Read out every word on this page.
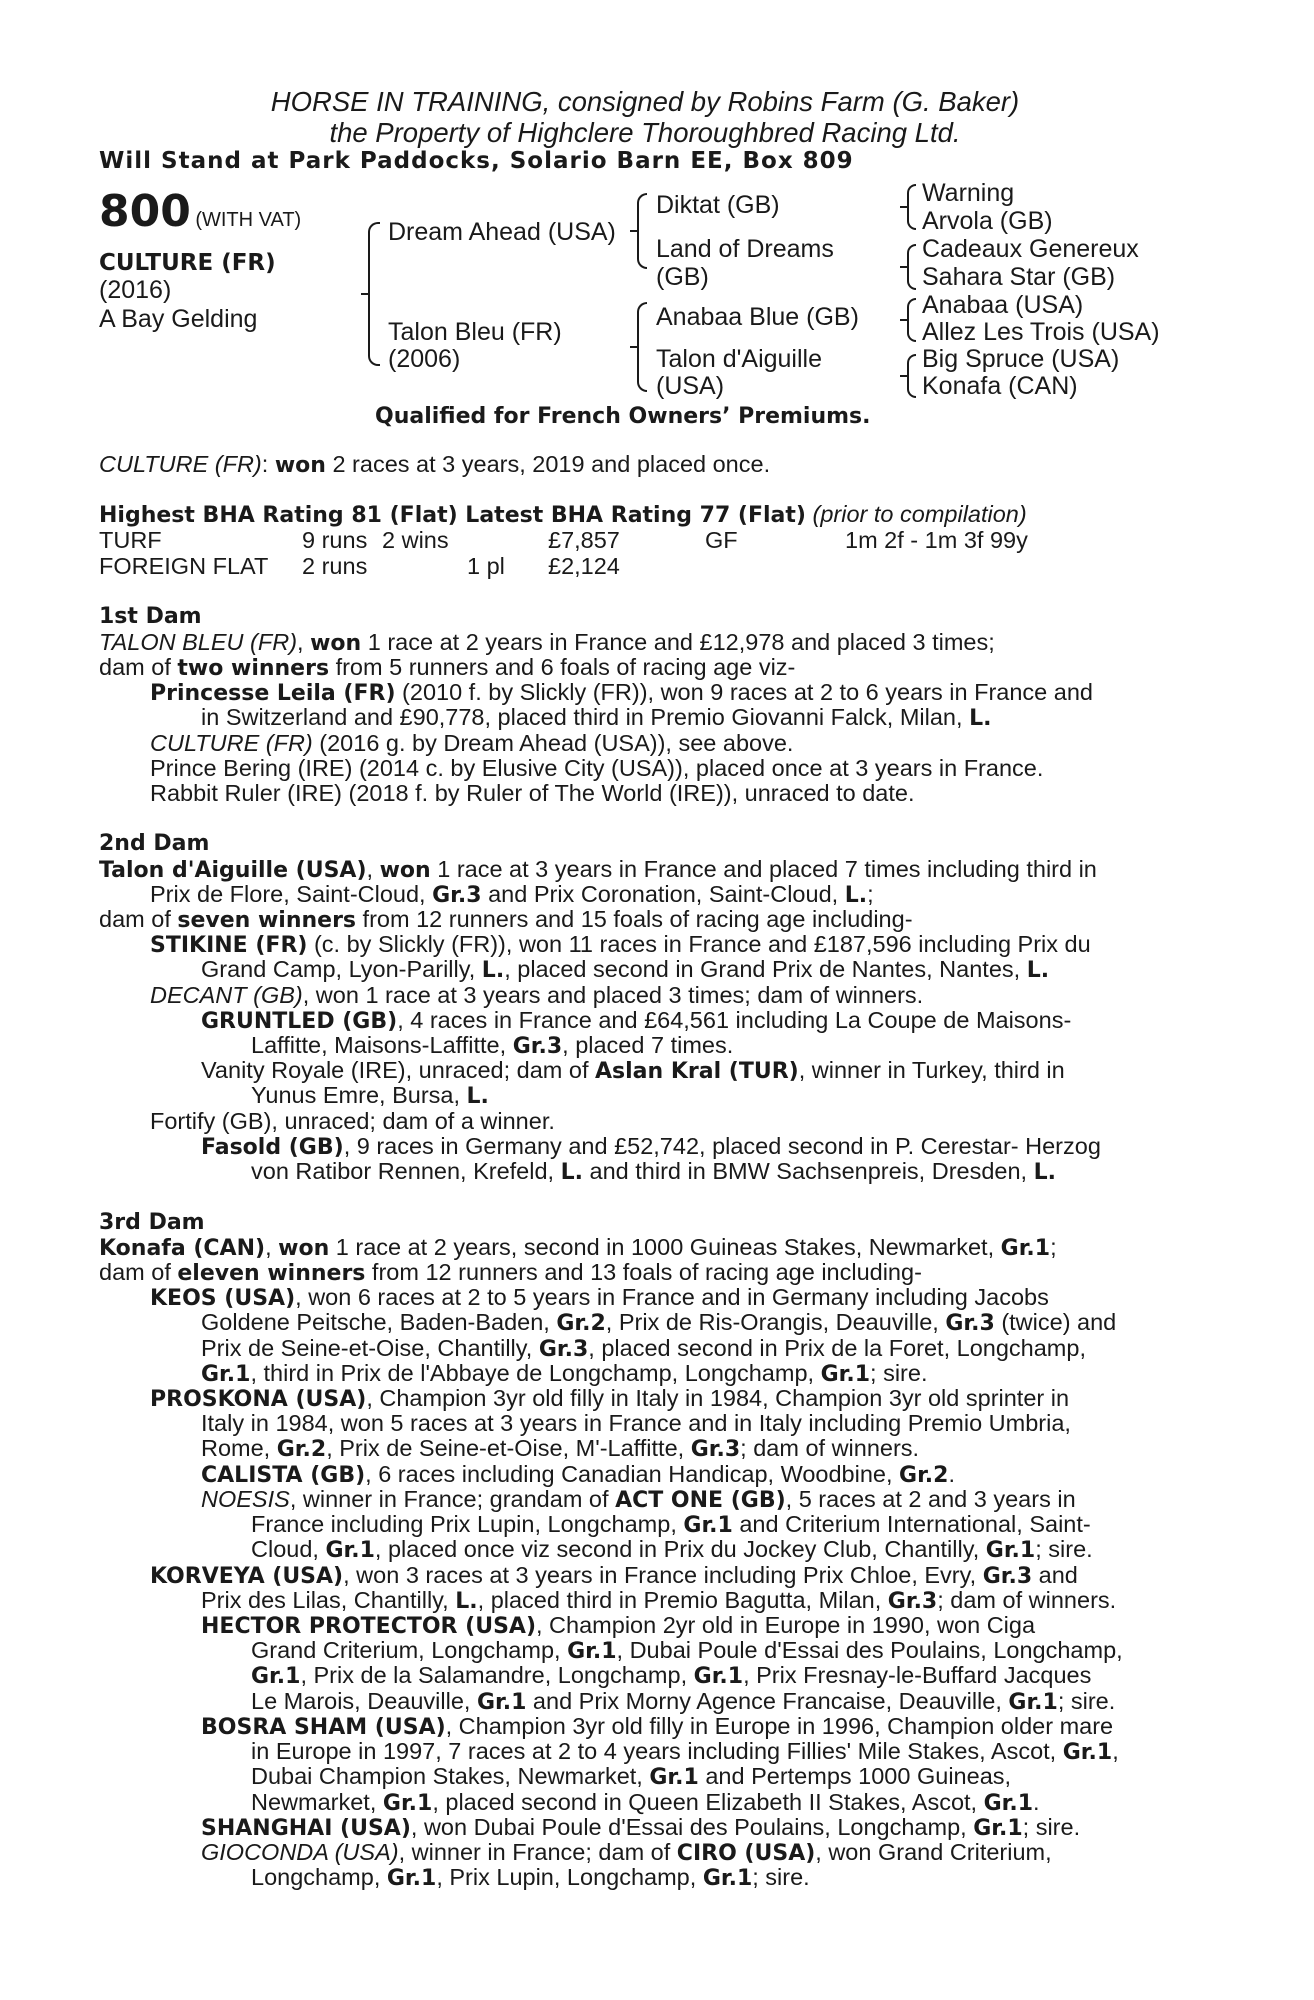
HORSE IN TRAINING, consigned by Robins Farm (G. Baker)
the Property of Highclere Thoroughbred Racing Ltd.
Will Stand at Park Paddocks, Solario Barn EE, Box 809
800 (WITH VAT)
CULTURE (FR)
(2016)
A Bay Gelding
Dream Ahead (USA)
Talon Bleu (FR)
(2006)
Diktat (GB)
Land of Dreams
(GB)
Anabaa Blue (GB)
Talon d'Aiguille
(USA)
Warning
Arvola (GB)
Cadeaux Genereux
Sahara Star (GB)
Anabaa (USA)
Allez Les Trois (USA)
Big Spruce (USA)
Konafa (CAN)
Qualified for French Owners’ Premiums.
CULTURE (FR): won 2 races at 3 years, 2019 and placed once.
Highest BHA Rating 81 (Flat) Latest BHA Rating 77 (Flat) (prior to compilation)
TURF	9 runs 2 wins	£7,857	GF	1m 2f - 1m 3f 99y
FOREIGN FLAT 2 runs	1 pl £2,124
1st Dam
TALON BLEU (FR), won 1 race at 2 years in France and £12,978 and placed 3 times;
dam of two winners from 5 runners and 6 foals of racing age viz-
Princesse Leila (FR) (2010 f. by Slickly (FR)), won 9 races at 2 to 6 years in France and
in Switzerland and £90,778, placed third in Premio Giovanni Falck, Milan, L.
CULTURE (FR) (2016 g. by Dream Ahead (USA)), see above.
Prince Bering (IRE) (2014 c. by Elusive City (USA)), placed once at 3 years in France.
Rabbit Ruler (IRE) (2018 f. by Ruler of The World (IRE)), unraced to date.
2nd Dam
Talon d'Aiguille (USA), won 1 race at 3 years in France and placed 7 times including third in
Prix de Flore, Saint-Cloud, Gr.3 and Prix Coronation, Saint-Cloud, L.;
dam of seven winners from 12 runners and 15 foals of racing age including-
STIKINE (FR) (c. by Slickly (FR)), won 11 races in France and £187,596 including Prix du
Grand Camp, Lyon-Parilly, L., placed second in Grand Prix de Nantes, Nantes, L.
DECANT (GB), won 1 race at 3 years and placed 3 times; dam of winners.
GRUNTLED (GB), 4 races in France and £64,561 including La Coupe de Maisons-
Laffitte, Maisons-Laffitte, Gr.3, placed 7 times.
Vanity Royale (IRE), unraced; dam of Aslan Kral (TUR), winner in Turkey, third in
Yunus Emre, Bursa, L.
Fortify (GB), unraced; dam of a winner.
Fasold (GB), 9 races in Germany and £52,742, placed second in P. Cerestar- Herzog
von Ratibor Rennen, Krefeld, L. and third in BMW Sachsenpreis, Dresden, L.
3rd Dam
Konafa (CAN), won 1 race at 2 years, second in 1000 Guineas Stakes, Newmarket, Gr.1;
dam of eleven winners from 12 runners and 13 foals of racing age including-
KEOS (USA), won 6 races at 2 to 5 years in France and in Germany including Jacobs
Goldene Peitsche, Baden-Baden, Gr.2, Prix de Ris-Orangis, Deauville, Gr.3 (twice) and
Prix de Seine-et-Oise, Chantilly, Gr.3, placed second in Prix de la Foret, Longchamp,
Gr.1, third in Prix de l'Abbaye de Longchamp, Longchamp, Gr.1; sire.
PROSKONA (USA), Champion 3yr old filly in Italy in 1984, Champion 3yr old sprinter in
Italy in 1984, won 5 races at 3 years in France and in Italy including Premio Umbria,
Rome, Gr.2, Prix de Seine-et-Oise, M'-Laffitte, Gr.3; dam of winners.
CALISTA (GB), 6 races including Canadian Handicap, Woodbine, Gr.2.
NOESIS, winner in France; grandam of ACT ONE (GB), 5 races at 2 and 3 years in
France including Prix Lupin, Longchamp, Gr.1 and Criterium International, Saint-
Cloud, Gr.1, placed once viz second in Prix du Jockey Club, Chantilly, Gr.1; sire.
KORVEYA (USA), won 3 races at 3 years in France including Prix Chloe, Evry, Gr.3 and
Prix des Lilas, Chantilly, L., placed third in Premio Bagutta, Milan, Gr.3; dam of winners.
HECTOR PROTECTOR (USA), Champion 2yr old in Europe in 1990, won Ciga
Grand Criterium, Longchamp, Gr.1, Dubai Poule d'Essai des Poulains, Longchamp,
Gr.1, Prix de la Salamandre, Longchamp, Gr.1, Prix Fresnay-le-Buffard Jacques
Le Marois, Deauville, Gr.1 and Prix Morny Agence Francaise, Deauville, Gr.1; sire.
BOSRA SHAM (USA), Champion 3yr old filly in Europe in 1996, Champion older mare
in Europe in 1997, 7 races at 2 to 4 years including Fillies' Mile Stakes, Ascot, Gr.1,
Dubai Champion Stakes, Newmarket, Gr.1 and Pertemps 1000 Guineas,
Newmarket, Gr.1, placed second in Queen Elizabeth II Stakes, Ascot, Gr.1.
SHANGHAI (USA), won Dubai Poule d'Essai des Poulains, Longchamp, Gr.1; sire.
GIOCONDA (USA), winner in France; dam of CIRO (USA), won Grand Criterium,
Longchamp, Gr.1, Prix Lupin, Longchamp, Gr.1; sire.
